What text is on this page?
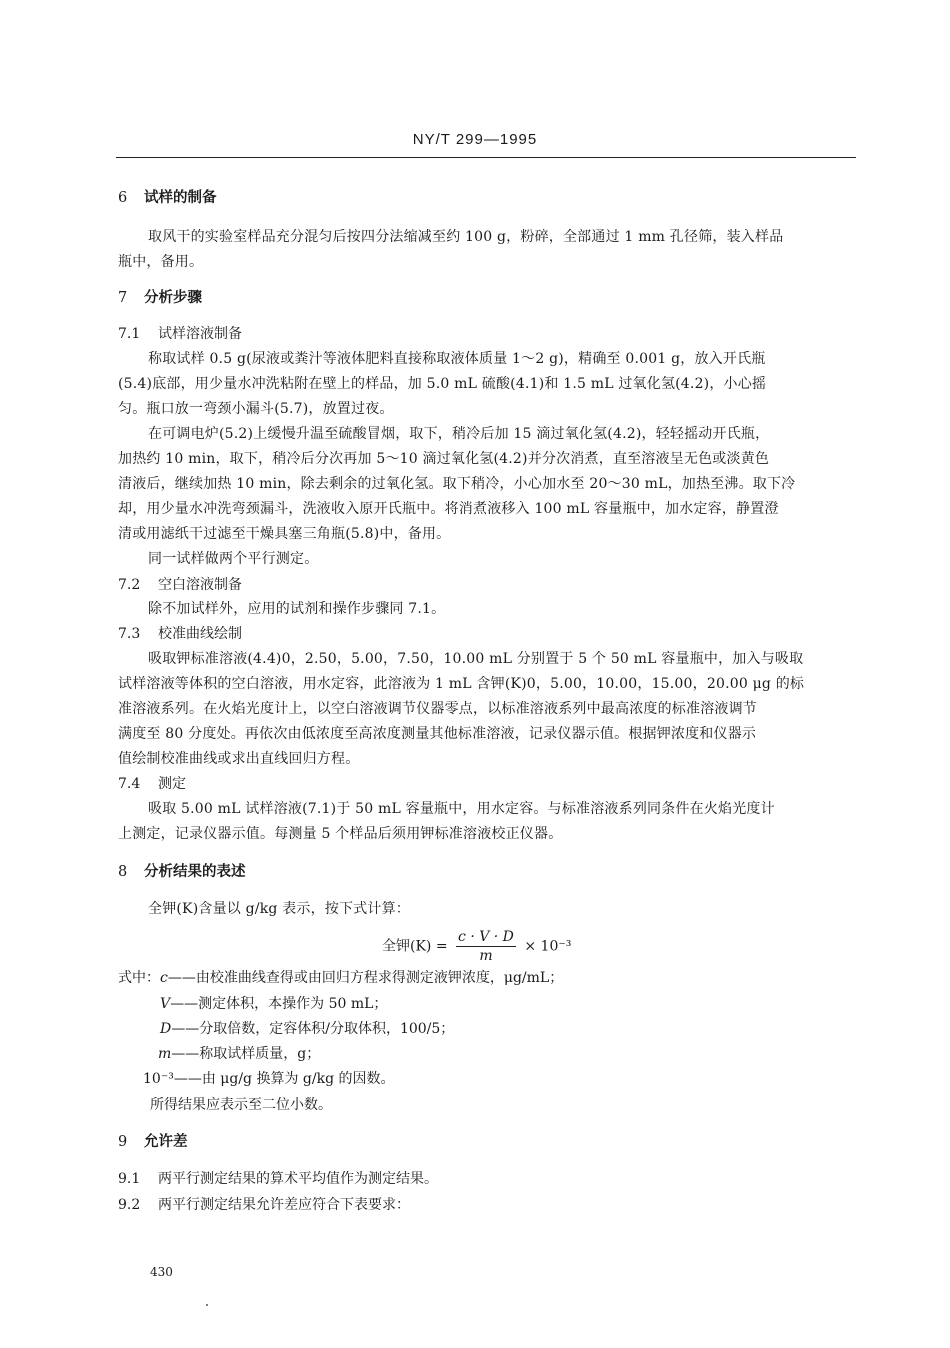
NY/T 299—1995
6 试样的制备
取风干的实验室样品充分混匀后按四分法缩减至约 100 g，粉碎，全部通过 1 mm 孔径筛，装入样品
瓶中，备用。
7 分析步骤
7.1 试样溶液制备
称取试样 0.5 g(尿液或粪汁等液体肥料直接称取液体质量 1～2 g)，精确至 0.001 g，放入开氏瓶
(5.4)底部，用少量水冲洗粘附在壁上的样品，加 5.0 mL 硫酸(4.1)和 1.5 mL 过氧化氢(4.2)，小心摇
匀。瓶口放一弯颈小漏斗(5.7)，放置过夜。
在可调电炉(5.2)上缓慢升温至硫酸冒烟，取下，稍冷后加 15 滴过氧化氢(4.2)，轻轻摇动开氏瓶，
加热约 10 min，取下，稍冷后分次再加 5～10 滴过氧化氢(4.2)并分次消煮，直至溶液呈无色或淡黄色
清液后，继续加热 10 min，除去剩余的过氧化氢。取下稍冷，小心加水至 20～30 mL，加热至沸。取下冷
却，用少量水冲洗弯颈漏斗，洗液收入原开氏瓶中。将消煮液移入 100 mL 容量瓶中，加水定容，静置澄
清或用滤纸干过滤至干燥具塞三角瓶(5.8)中，备用。
同一试样做两个平行测定。
7.2 空白溶液制备
除不加试样外，应用的试剂和操作步骤同 7.1。
7.3 校准曲线绘制
吸取钾标准溶液(4.4)0，2.50，5.00，7.50，10.00 mL 分别置于 5 个 50 mL 容量瓶中，加入与吸取
试样溶液等体积的空白溶液，用水定容，此溶液为 1 mL 含钾(K)0，5.00，10.00，15.00，20.00 μg 的标
准溶液系列。在火焰光度计上，以空白溶液调节仪器零点，以标准溶液系列中最高浓度的标准溶液调节
满度至 80 分度处。再依次由低浓度至高浓度测量其他标准溶液，记录仪器示值。根据钾浓度和仪器示
值绘制校准曲线或求出直线回归方程。
7.4 测定
吸取 5.00 mL 试样溶液(7.1)于 50 mL 容量瓶中，用水定容。与标准溶液系列同条件在火焰光度计
上测定，记录仪器示值。每测量 5 个样品后须用钾标准溶液校正仪器。
8 分析结果的表述
全钾(K)含量以 g/kg 表示，按下式计算：
全钾$(K) = \frac{c \cdot V \cdot D}{m} \times 10^{-3}$
式中：c——由校准曲线查得或由回归方程求得测定液钾浓度，μg/mL；
V——测定体积，本操作为 50 mL；
D——分取倍数，定容体积/分取体积，100/5；
m——称取试样质量，g；
10⁻³——由 μg/g 换算为 g/kg 的因数。
所得结果应表示至二位小数。
9 允许差
9.1 两平行测定结果的算术平均值作为测定结果。
9.2 两平行测定结果允许差应符合下表要求：
430
